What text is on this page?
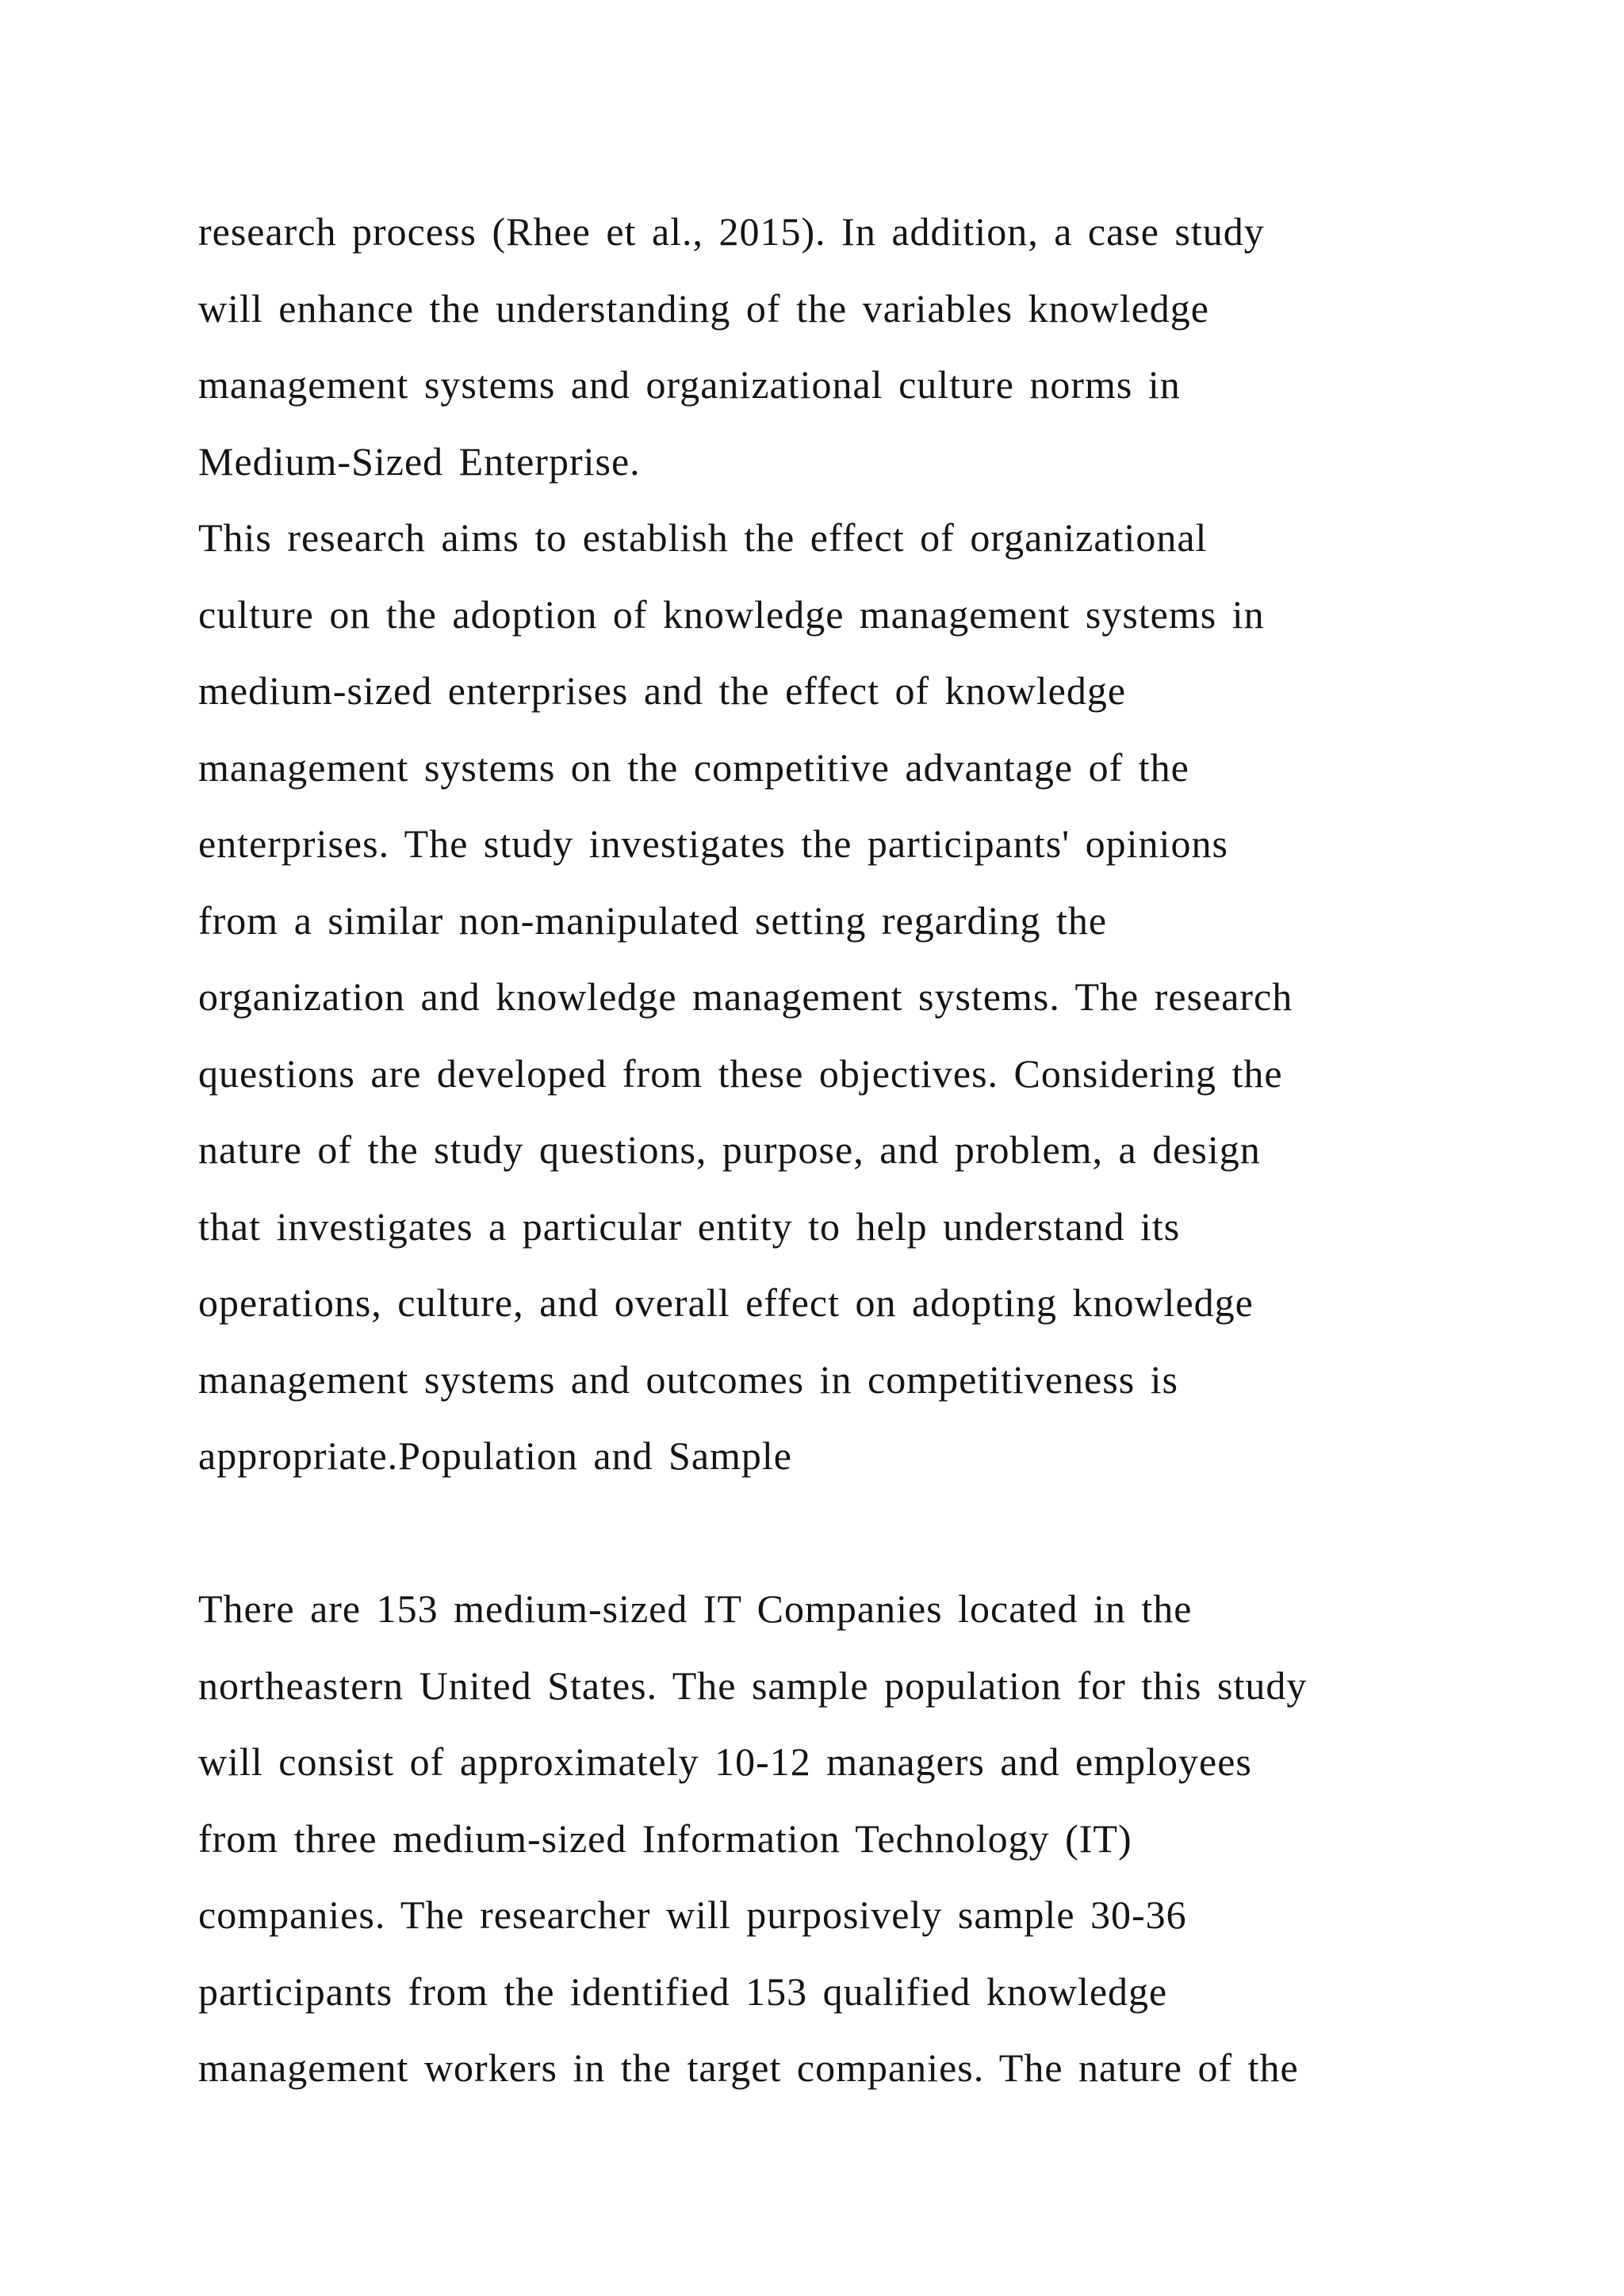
research process (Rhee et al., 2015). In addition, a case study
will enhance the understanding of the variables knowledge
management systems and organizational culture norms in
Medium-Sized Enterprise.
This research aims to establish the effect of organizational
culture on the adoption of knowledge management systems in
medium-sized enterprises and the effect of knowledge
management systems on the competitive advantage of the
enterprises. The study investigates the participants' opinions
from a similar non-manipulated setting regarding the
organization and knowledge management systems. The research
questions are developed from these objectives. Considering the
nature of the study questions, purpose, and problem, a design
that investigates a particular entity to help understand its
operations, culture, and overall effect on adopting knowledge
management systems and outcomes in competitiveness is
appropriate.Population and Sample
There are 153 medium-sized IT Companies located in the
northeastern United States. The sample population for this study
will consist of approximately 10-12 managers and employees
from three medium-sized Information Technology (IT)
companies. The researcher will purposively sample 30-36
participants from the identified 153 qualified knowledge
management workers in the target companies. The nature of the
